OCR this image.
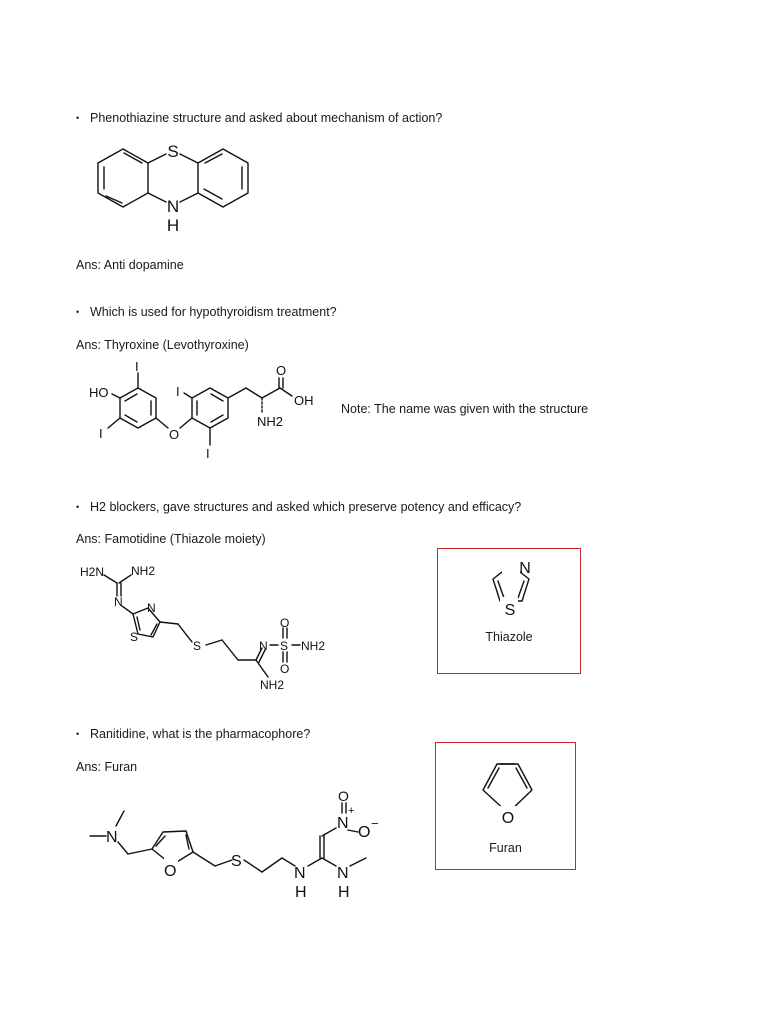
• Phenothiazine structure and asked about mechanism of action?
S
N
H
Ans: Anti dopamine
• Which is used for hypothyroidism treatment?
Ans: Thyroxine (Levothyroxine)
HO
I
I	O
I
I
O
OH
NH2
Note: The name was given with the structure
• H2 blockers, gave structures and asked which preserve potency and efficacy?
Ans: Famotidine (Thiazole moiety)
H2N NH2
N N
S
S	N S
O
O
NH2
NH2
N
S
Thiazole
• Ranitidine, what is the pharmacophore?
Ans: Furan
N
O
S
N
H
N
H
O
+
N
O
−	O
Furan
